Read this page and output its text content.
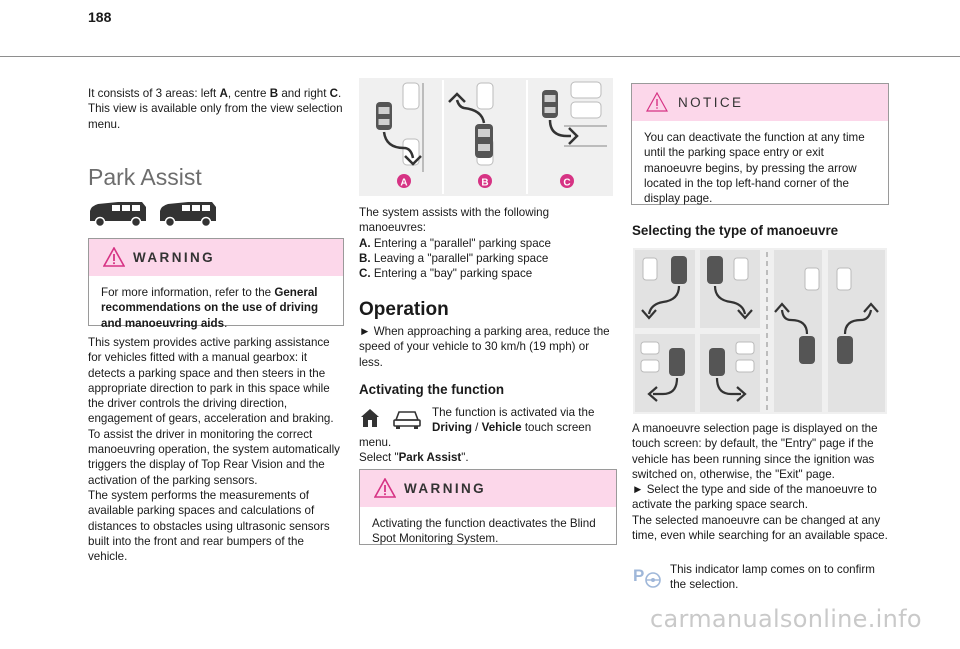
188

It consists of 3 areas: left A, centre B and right C.

This view is available only from the view selection menu.

Park Assist
WARNING
For more information, refer to the General recommendations on the use of driving and manoeuvring aids.

This system provides active parking assistance for vehicles fitted with a manual gearbox: it detects a parking space and then steers in the appropriate direction to park in this space while the driver controls the driving direction, engagement of gears, acceleration and braking.

To assist the driver in monitoring the correct manoeuvring operation, the system automatically triggers the display of Top Rear Vision and the activation of the parking sensors.

The system performs the measurements of available parking spaces and calculations of distances to obstacles using ultrasonic sensors built into the front and rear bumpers of the vehicle.

A	B	C

The system assists with the following manoeuvres:

A. Entering a "parallel" parking space

B. Leaving a "parallel" parking space

C. Entering a "bay" parking space

Operation
► When approaching a parking area, reduce the speed of your vehicle to 30 km/h (19 mph) or less.
Activating the function
The function is activated via the Driving / Vehicle touch screen
menu.
Select "Park Assist".
WARNING
Activating the function deactivates the Blind Spot Monitoring System.
NOTICE
You can deactivate the function at any time until the parking space entry or exit manoeuvre begins, by pressing the arrow located in the top left-hand corner of the display page.
Selecting the type of manoeuvre

A manoeuvre selection page is displayed on the touch screen: by default, the "Entry" page if the vehicle has been running since the ignition was switched on, otherwise, the "Exit" page.

► Select the type and side of the manoeuvre to activate the parking space search.

The selected manoeuvre can be changed at any time, even while searching for an available space.

P This indicator lamp comes on to confirm the selection.
carmanualsonline.info
